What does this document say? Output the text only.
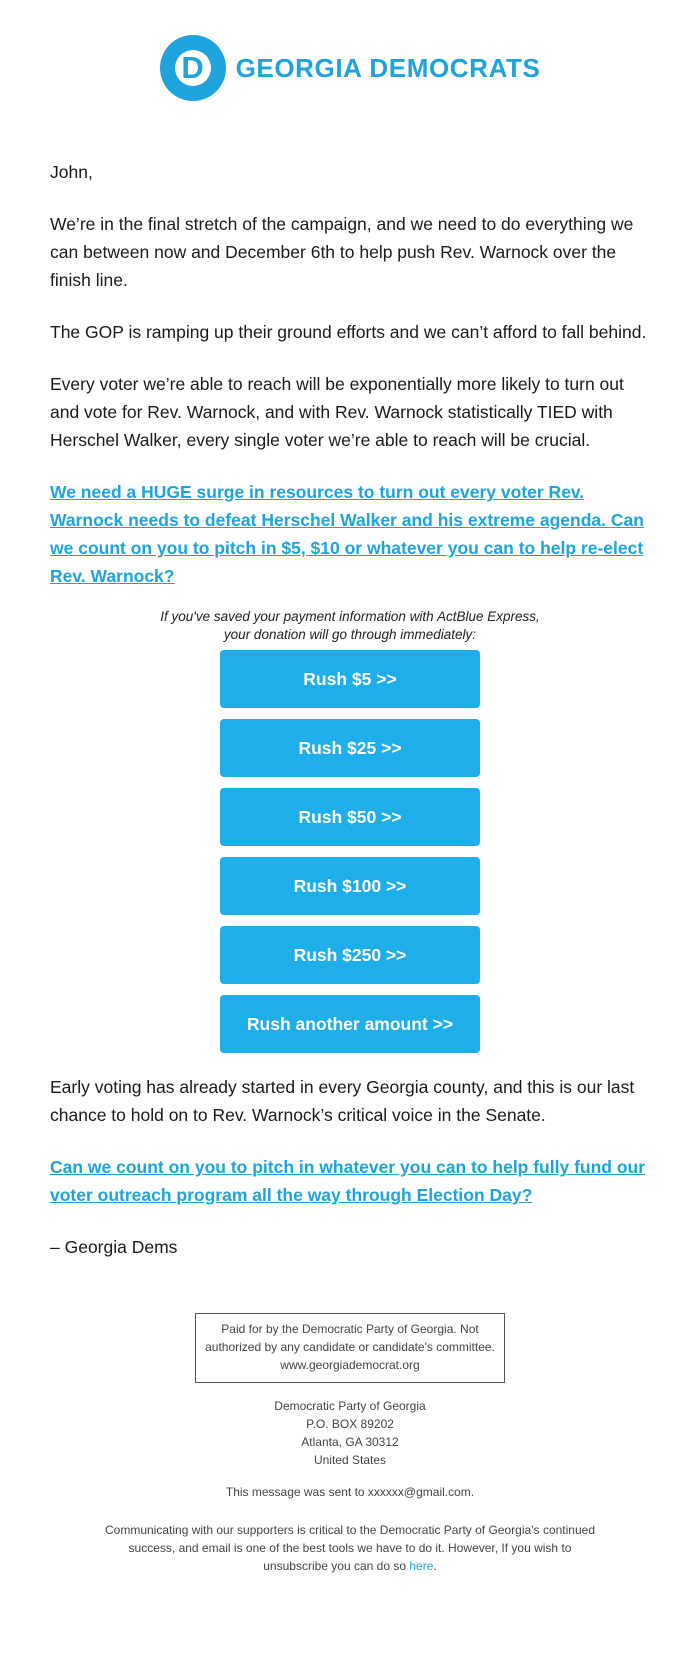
D	GEORGIA DEMOCRATS

John,

We’re in the final stretch of the campaign, and we need to do everything we can between now and December 6th to help push Rev. Warnock over the finish line.

The GOP is ramping up their ground efforts and we can’t afford to fall behind.

Every voter we’re able to reach will be exponentially more likely to turn out and vote for Rev. Warnock, and with Rev. Warnock statistically TIED with Herschel Walker, every single voter we’re able to reach will be crucial.

We need a HUGE surge in resources to turn out every voter Rev. Warnock needs to defeat Herschel Walker and his extreme agenda. Can we count on you to pitch in $5, $10 or whatever you can to help re-elect Rev. Warnock?

If you've saved your payment information with ActBlue Express,
your donation will go through immediately:
Rush $5 >>
Rush $25 >>
Rush $50 >>
Rush $100 >>
Rush $250 >>
Rush another amount >>

Early voting has already started in every Georgia county, and this is our last chance to hold on to Rev. Warnock’s critical voice in the Senate.

Can we count on you to pitch in whatever you can to help fully fund our voter outreach program all the way through Election Day?

– Georgia Dems

Paid for by the Democratic Party of Georgia. Not
authorized by any candidate or candidate's committee.
www.georgiademocrat.org
Democratic Party of Georgia
P.O. BOX 89202
Atlanta, GA 30312
United States
This message was sent to xxxxxx@gmail.com.
Communicating with our supporters is critical to the Democratic Party of Georgia’s continued
success, and email is one of the best tools we have to do it. However, If you wish to
unsubscribe you can do so here.
